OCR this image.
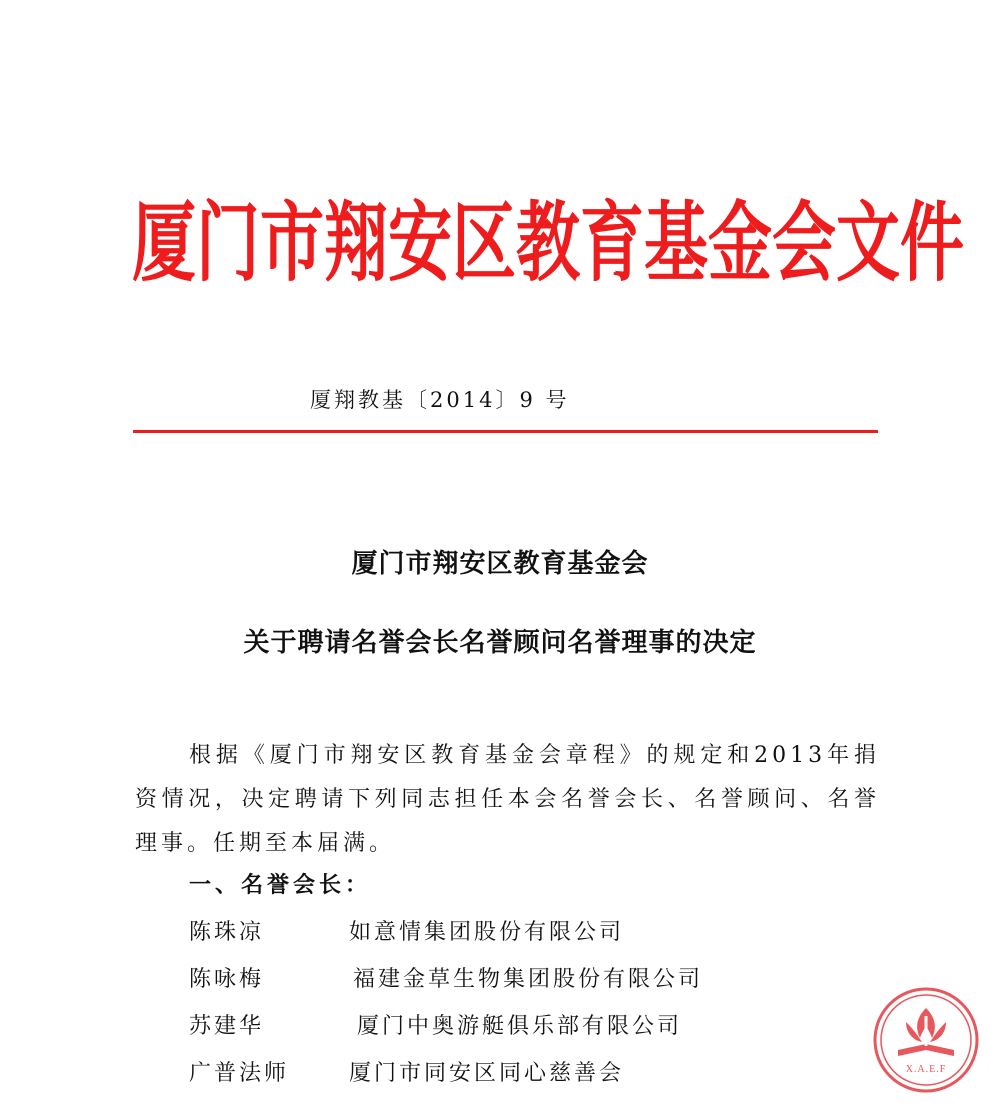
厦 门 市 翔 安 区 教 育 基 金 会 文 件
厦翔教基〔2014〕9 号
厦门市翔安区教育基金会
关于聘请名誉会长名誉顾问名誉理事的决定
根据《厦门市翔安区教育基金会章程》的规定和2013年捐资情况，决定聘请下列同志担任本会名誉会长、名誉顾问、名誉理事。任期至本届满。
一、名誉会长：
陈珠凉	如意情集团股份有限公司
陈咏梅	福建金草生物集团股份有限公司
苏建华	厦门中奥游艇俱乐部有限公司
广普法师	厦门市同安区同心慈善会	X.A.E.F
